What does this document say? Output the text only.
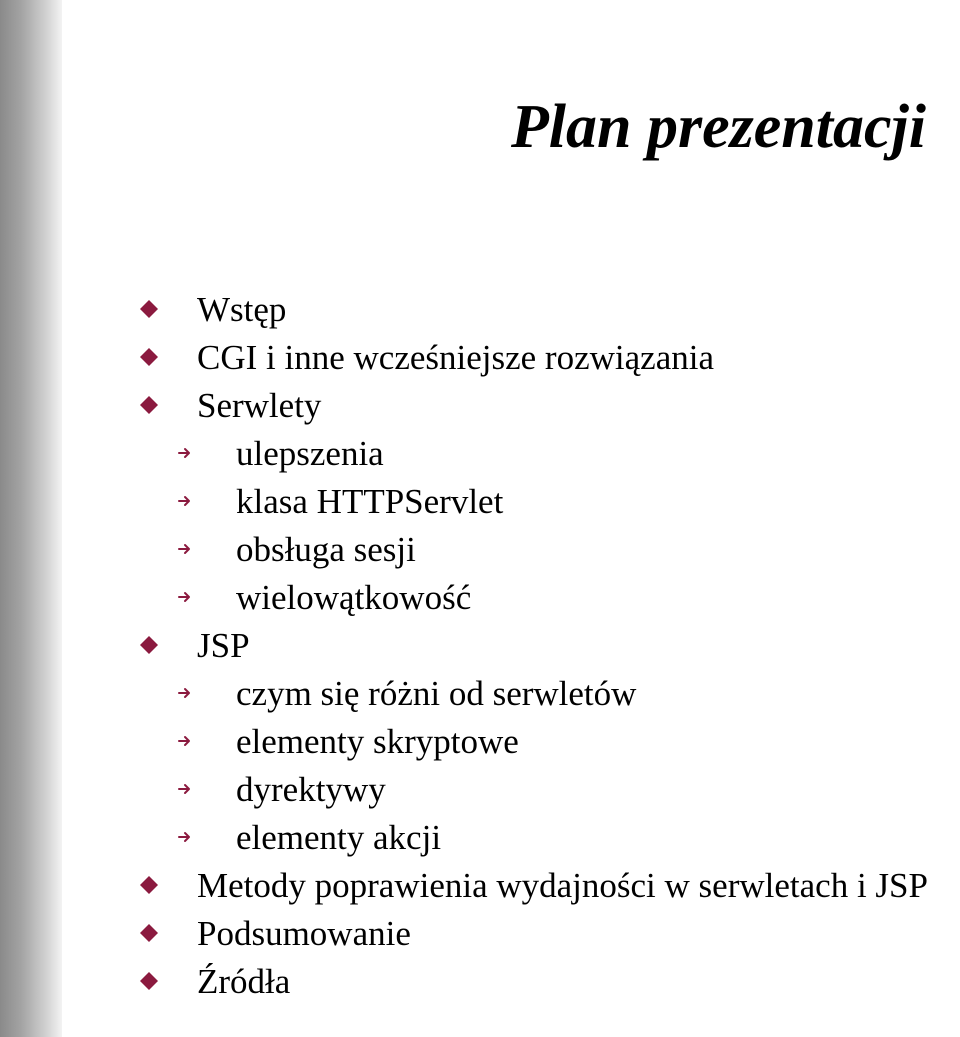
Plan prezentacji
Wstęp
CGI i inne wcześniejsze rozwiązania
Serwlety
ulepszenia
klasa HTTPServlet
obsługa sesji
wielowątkowość
JSP
czym się różni od serwletów
elementy skryptowe
dyrektywy
elementy akcji
Metody poprawienia wydajności w serwletach i JSP
Podsumowanie
Źródła
